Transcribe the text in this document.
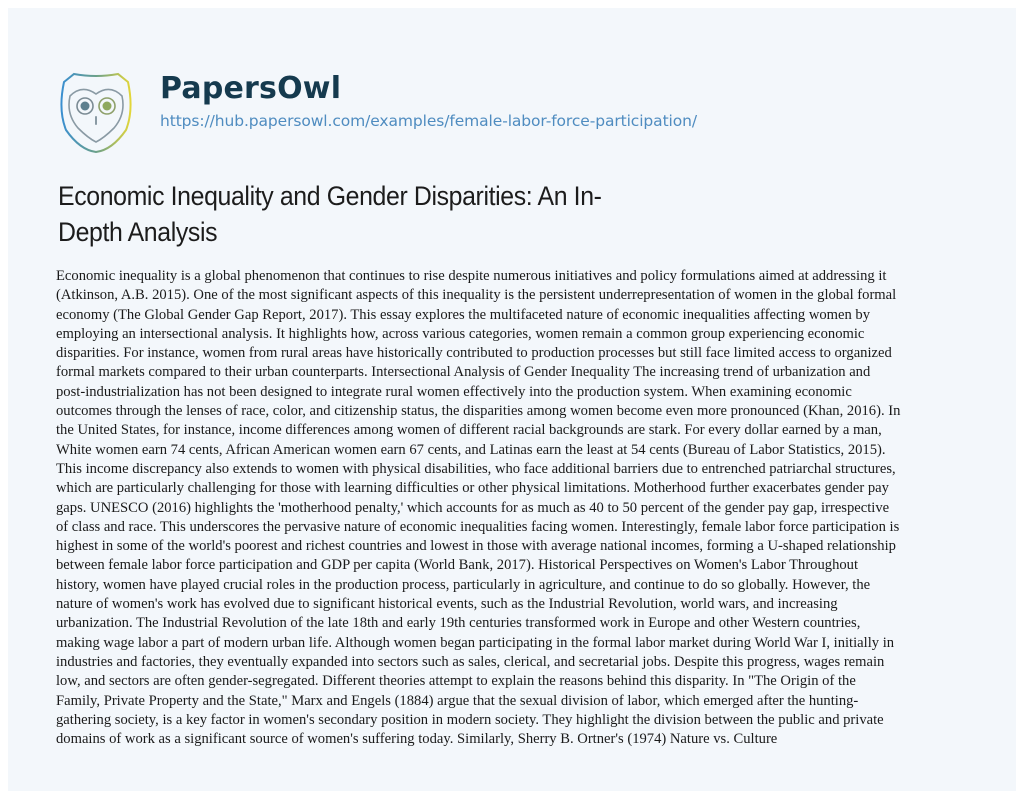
PapersOwl
https://hub.papersowl.com/examples/female-labor-force-participation/
Economic Inequality and Gender Disparities: An In-
Depth Analysis

Economic inequality is a global phenomenon that continues to rise despite numerous initiatives and policy formulations aimed at addressing it
(Atkinson, A.B. 2015). One of the most significant aspects of this inequality is the persistent underrepresentation of women in the global formal
economy (The Global Gender Gap Report, 2017). This essay explores the multifaceted nature of economic inequalities affecting women by
employing an intersectional analysis. It highlights how, across various categories, women remain a common group experiencing economic
disparities. For instance, women from rural areas have historically contributed to production processes but still face limited access to organized
formal markets compared to their urban counterparts. Intersectional Analysis of Gender Inequality The increasing trend of urbanization and
post-industrialization has not been designed to integrate rural women effectively into the production system. When examining economic
outcomes through the lenses of race, color, and citizenship status, the disparities among women become even more pronounced (Khan, 2016). In
the United States, for instance, income differences among women of different racial backgrounds are stark. For every dollar earned by a man,
White women earn 74 cents, African American women earn 67 cents, and Latinas earn the least at 54 cents (Bureau of Labor Statistics, 2015).
This income discrepancy also extends to women with physical disabilities, who face additional barriers due to entrenched patriarchal structures,
which are particularly challenging for those with learning difficulties or other physical limitations. Motherhood further exacerbates gender pay
gaps. UNESCO (2016) highlights the 'motherhood penalty,' which accounts for as much as 40 to 50 percent of the gender pay gap, irrespective
of class and race. This underscores the pervasive nature of economic inequalities facing women. Interestingly, female labor force participation is
highest in some of the world's poorest and richest countries and lowest in those with average national incomes, forming a U-shaped relationship
between female labor force participation and GDP per capita (World Bank, 2017). Historical Perspectives on Women's Labor Throughout
history, women have played crucial roles in the production process, particularly in agriculture, and continue to do so globally. However, the
nature of women's work has evolved due to significant historical events, such as the Industrial Revolution, world wars, and increasing
urbanization. The Industrial Revolution of the late 18th and early 19th centuries transformed work in Europe and other Western countries,
making wage labor a part of modern urban life. Although women began participating in the formal labor market during World War I, initially in
industries and factories, they eventually expanded into sectors such as sales, clerical, and secretarial jobs. Despite this progress, wages remain
low, and sectors are often gender-segregated. Different theories attempt to explain the reasons behind this disparity. In "The Origin of the
Family, Private Property and the State," Marx and Engels (1884) argue that the sexual division of labor, which emerged after the hunting-
gathering society, is a key factor in women's secondary position in modern society. They highlight the division between the public and private
domains of work as a significant source of women's suffering today. Similarly, Sherry B. Ortner's (1974) Nature vs. Culture
